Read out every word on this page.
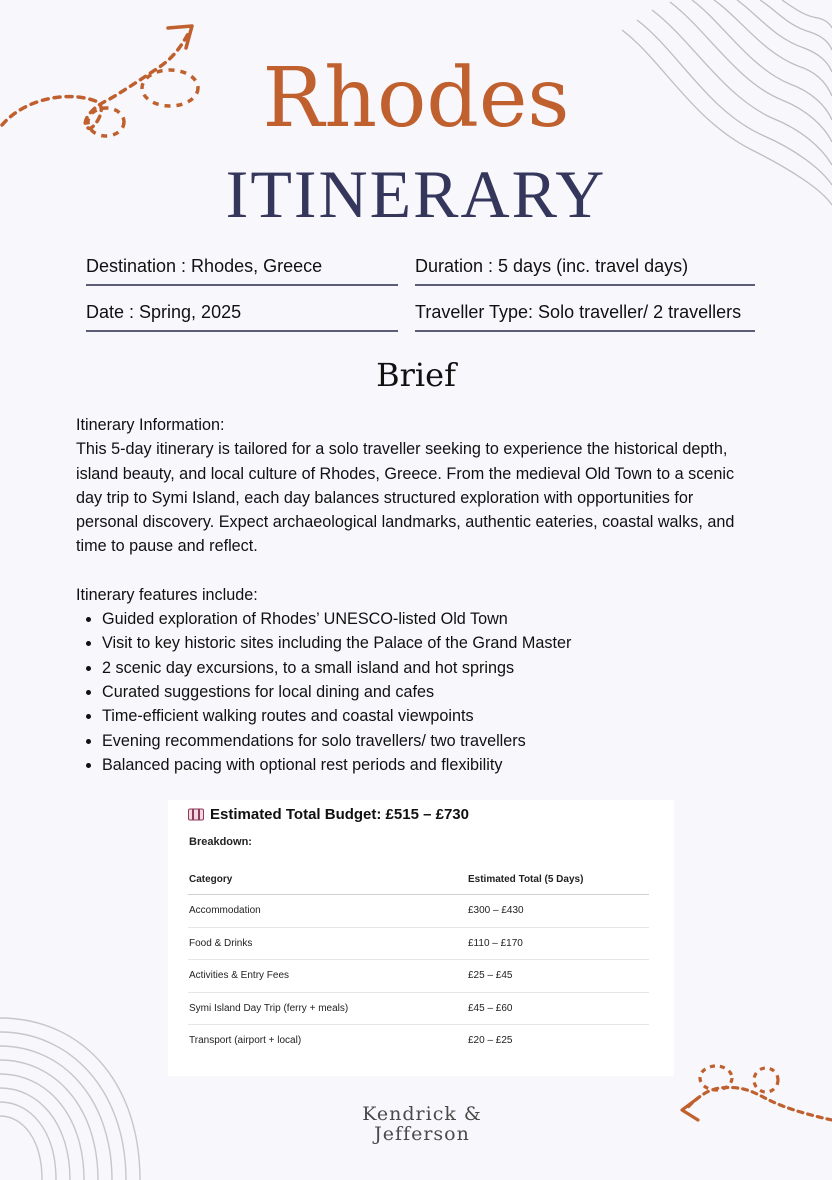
Rhodes
ITINERARY
Destination : Rhodes, Greece	Duration : 5 days (inc. travel days)
Date : Spring, 2025	Traveller Type: Solo traveller/ 2 travellers
Brief

Itinerary Information:

This 5-day itinerary is tailored for a solo traveller seeking to experience the historical depth, island beauty, and local culture of Rhodes, Greece. From the medieval Old Town to a scenic day trip to Symi Island, each day balances structured exploration with opportunities for personal discovery. Expect archaeological landmarks, authentic eateries, coastal walks, and time to pause and reflect.

Itinerary features include:

• Guided exploration of Rhodes’ UNESCO-listed Old Town
• Visit to key historic sites including the Palace of the Grand Master
• 2 scenic day excursions, to a small island and hot springs
• Curated suggestions for local dining and cafes
• Time-efficient walking routes and coastal viewpoints
• Evening recommendations for solo travellers/ two travellers
• Balanced pacing with optional rest periods and flexibility
Estimated Total Budget: £515 – £730
Breakdown:
Category	Estimated Total (5 Days)
Accommodation	£300 – £430
Food & Drinks	£110 – £170
Activities & Entry Fees	£25 – £45
Symi Island Day Trip (ferry + meals)	£45 – £60
Transport (airport + local)	£20 – £25
Kendrick &
Jefferson
